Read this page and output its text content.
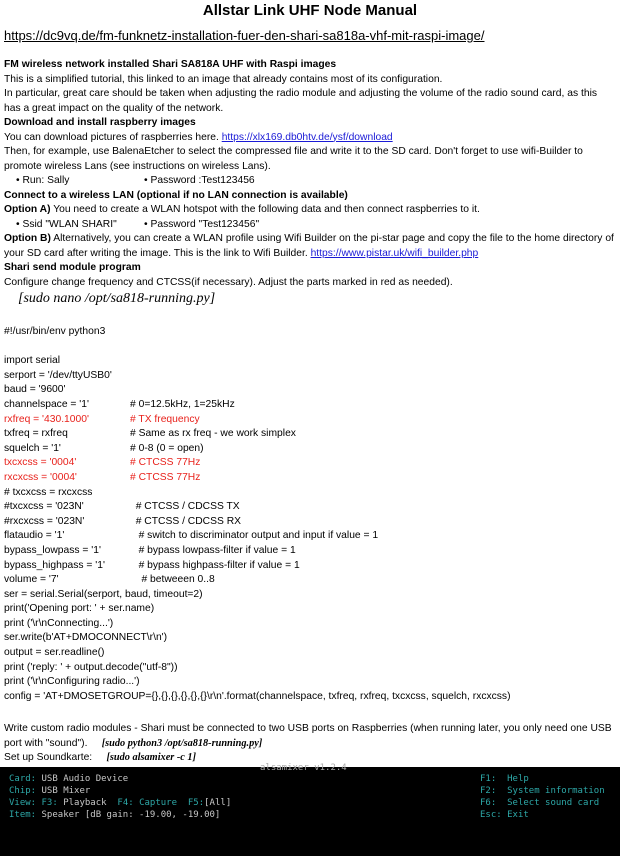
Allstar Link UHF Node Manual
https://dc9vq.de/fm-funknetz-installation-fuer-den-shari-sa818a-vhf-mit-raspi-image/

FM wireless network installed Shari SA818A UHF with Raspi images

This is a simplified tutorial, this linked to an image that already contains most of its configuration.

In particular, great care should be taken when adjusting the radio module and adjusting the volume of the radio sound card, as this has a great impact on the quality of the network.

Download and install raspberry images

You can download pictures of raspberries here. https://xlx169.db0htv.de/ysf/download

Then, for example, use BalenaEtcher to select the compressed file and write it to the SD card. Don't forget to use wifi-Builder to promote wireless Lans (see instructions on wireless Lans).

• Run: Sally	• Password :Test123456

Connect to a wireless LAN (optional if no LAN connection is available)

Option A) You need to create a WLAN hotspot with the following data and then connect raspberries to it.

• Ssid "WLAN SHARI"	• Password "Test123456"

Option B) Alternatively, you can create a WLAN profile using Wifi Builder on the pi-star page and copy the file to the home directory of your SD card after writing the image. This is the link to Wifi Builder. https://www.pistar.uk/wifi_builder.php

Shari send module program

Configure change frequency and CTCSS(if necessary). Adjust the parts marked in red as needed).

[sudo nano /opt/sa818-running.py]

#!/usr/bin/env python3
import serial
serport = '/dev/ttyUSB0'
baud = '9600'
channelspace = '1'	# 0=12.5kHz, 1=25kHz
rxfreq = '430.1000'	# TX frequency
txfreq = rxfreq	# Same as rx freq - we work simplex
squelch = '1'	# 0-8 (0 = open)
txcxcss = '0004'	# CTCSS 77Hz
rxcxcss = '0004'	# CTCSS 77Hz
# txcxcss = rxcxcss
#txcxcss = '023N'	# CTCSS / CDCSS TX
#rxcxcss = '023N'	# CTCSS / CDCSS RX
flataudio = '1'	# switch to discriminator output and input if value = 1
bypass_lowpass = '1'	# bypass lowpass-filter if value = 1
bypass_highpass = '1'   # bypass highpass-filter if value = 1
volume = '7'	# betweeen 0..8
ser = serial.Serial(serport, baud, timeout=2)
print('Opening port: ' + ser.name)
print ('\r\nConnecting...')
ser.write(b'AT+DMOCONNECT\r\n')
output = ser.readline()
print ('reply: ' + output.decode("utf-8"))
print ('\r\nConfiguring radio...')
config = 'AT+DMOSETGROUP={},{},{},{},{},{}\r\n'.format(channelspace, txfreq, rxfreq, txcxcss, squelch, rxcxcss)

Write custom radio modules - Shari must be connected to two USB ports on Raspberries (when running later, you only need one USB port with "sound"). [sudo python3 /opt/sa818-running.py]

Set up Soundkarte: [sudo alsamixer -c 1]

alsamixer v1.2.4
Card: USB Audio Device
Chip: USB Mixer
View: F3: Playback F4: Capture F5:[All]
Item: Speaker [dB gain: -19.00, -19.00]
F1: Help
F2: System information
F6: Select sound card
Esc: Exit
